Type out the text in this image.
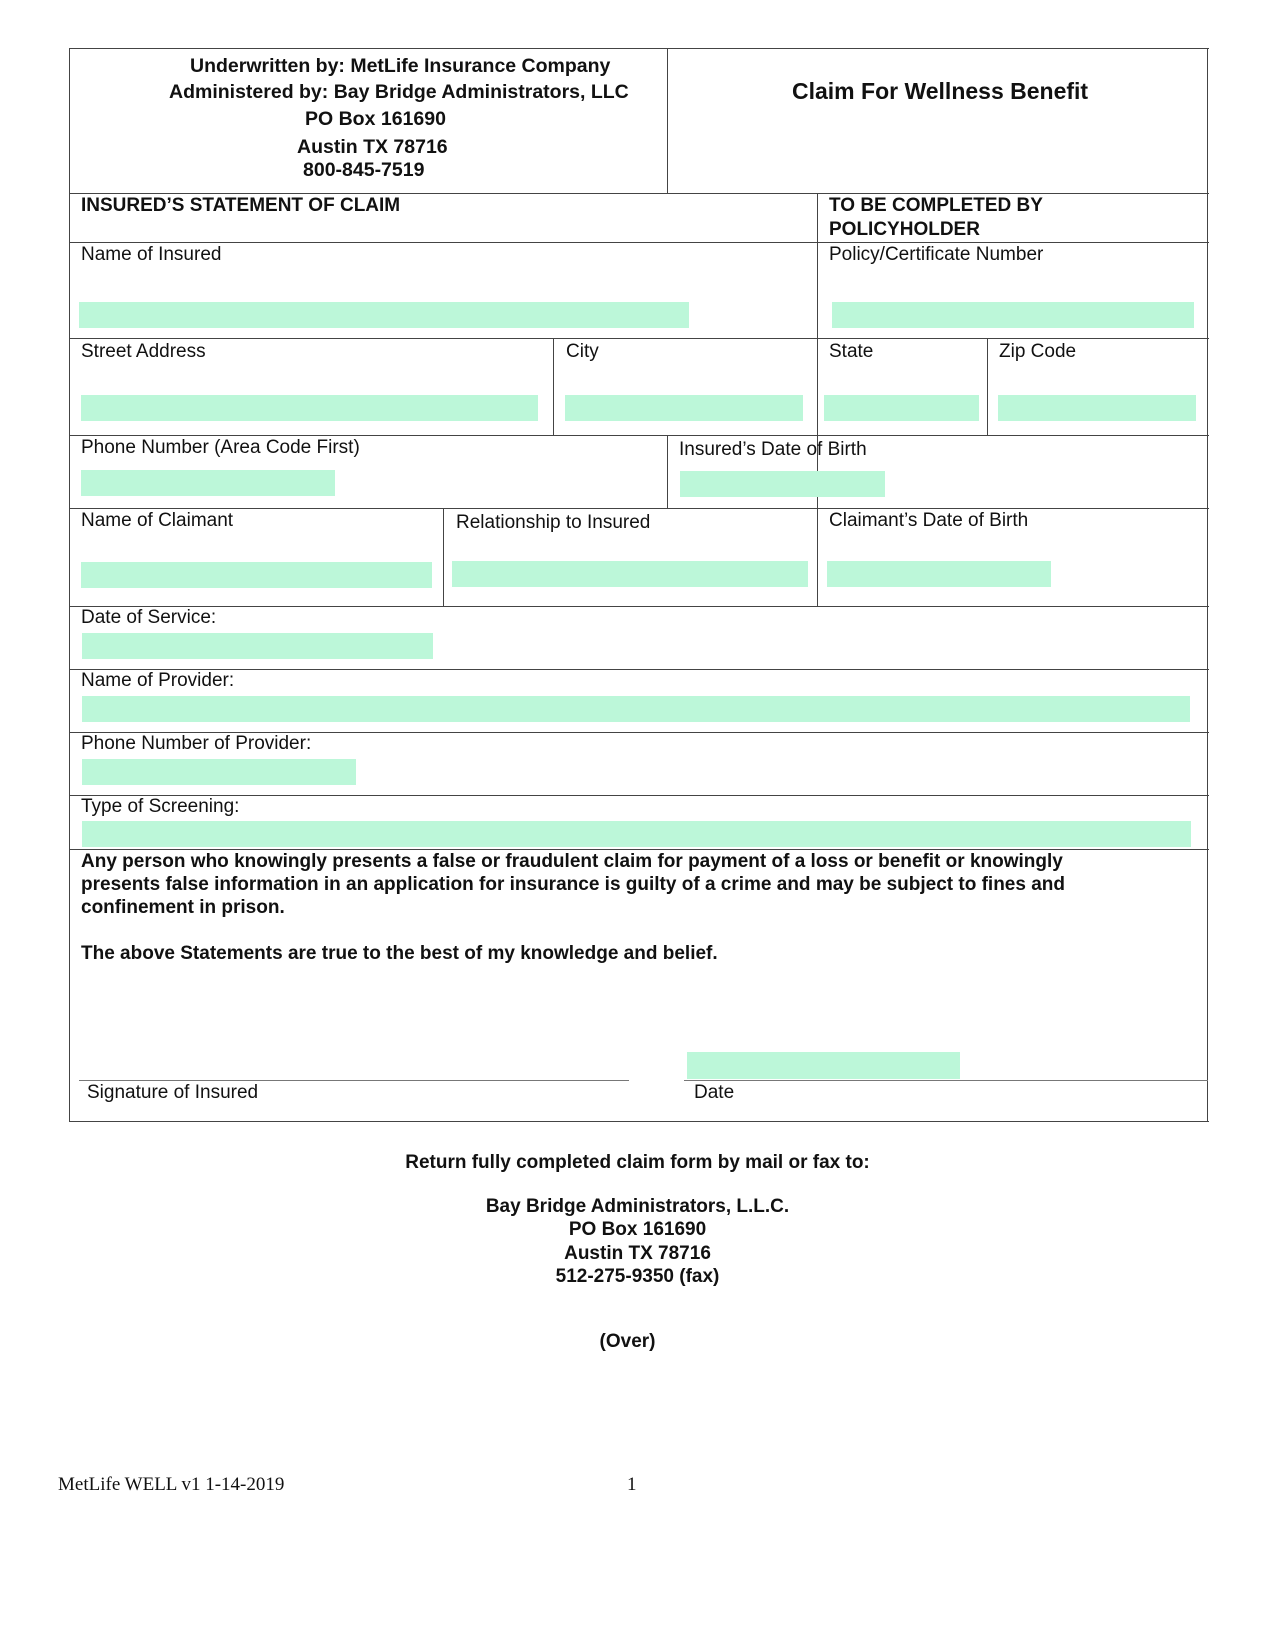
Underwritten by: MetLife Insurance Company
Administered by: Bay Bridge Administrators, LLC
PO Box 161690
Austin TX 78716
800-845-7519
Claim For Wellness Benefit
INSURED’S STATEMENT OF CLAIM	TO BE COMPLETED BY
POLICYHOLDER
Name of Insured	Policy/Certificate Number
Street Address	City	State	Zip Code
Phone Number (Area Code First)	Insured’s Date of Birth
Name of Claimant	Relationship to Insured	Claimant’s Date of Birth
Date of Service:
Name of Provider:
Phone Number of Provider:
Type of Screening:
Any person who knowingly presents a false or fraudulent claim for payment of a loss or benefit or knowingly
presents false information in an application for insurance is guilty of a crime and may be subject to fines and
confinement in prison.
The above Statements are true to the best of my knowledge and belief.
Signature of Insured	Date
Return fully completed claim form by mail or fax to:
Bay Bridge Administrators, L.L.C.
PO Box 161690
Austin TX 78716
512-275-9350 (fax)
(Over)
MetLife WELL v1 1-14-2019	1
